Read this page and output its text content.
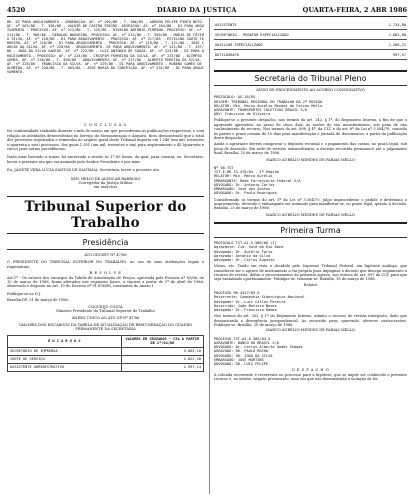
4520	DIÁRIO DA JUSTIÇA	QUARTA-FEIRA, 2 ABR 1986
RR. DI PARA ARQUIVAMENTO - ORDENAÇÃO: AF. nº 202/86 - T. 306/85 - ARRUDA FELIPE PINTO NETO. AF. nº 203/86 - T. 338/86 - VALDIR DE CASTRO FREIRE. DESPACHO: AF. nº 204/86 - DI PARA ARQUIVAMENTO - PROCESSO: AF. nº 213/86 - T. 325/86 - RIVALDO ANTONIO FIRMINO. PROCESSO: AF. nº 214/86 - T. 366/86 - GERALDO NOGUEIRA. PROCESSO: AF. nº 215/86 - T. 399/86 - MARIA DE FÁTIMA SILVA. AF. nº 216/86 - DI PARA ARQUIVAMENTO - PROCESSO: AF. nº 217/86 - ESTELINA SOUTO FERREIRA. AF. nº 218/86 - DI PARA ARQUIVAMENTO - PROCESSO: AF. nº 219/86 - T. 421/86 - JOSÉ CARLOS DA SILVA. AF. nº 220/86 - ARQUIVAMENTO. DI PARA ARQUIVAMENTO. AF. nº 221/86 - T. 437/86 - JOÃO DA SILVA SANTOS. AF. nº 222/86 - LUIZ ANTÔNIO DE SOUZA. AF. nº 223/86 - DI PARA ARQUIVAMENTO - PROCESSO: AF. nº 224/86 - CRISPIM FERREIRA DA SILVA. AF. nº 225/86 - OLÍMPIO GOMES. AF. nº 226/86 - T. 456/86 - ARQUIVAMENTO. AF. nº 227/86 - ALBERTO PEREIRA DA SILVA. AF. nº 228/86 - FRANCISCO DA SILVA. AF. nº 229/86 - DI PARA ARQUIVAMENTO - RUBENS GOMES DE ALMEIDA. AF. nº 230/86 - T. 463/86 - JOSÉ MARIA DA CONCEIÇÃO. AF. nº 231/86 - DI PARA ARQUIVAMENTO.
C O N C L U S Ã O
Na conformidade realizada durante o mês de março em que procederam as publicações respectivas, e com relação às atividades desenvolvidas no Serviço de Movimentação e Arquivo, ficou demonstrado que o total dos processos registrados e remetidos ao arquivo geral deste Tribunal importa em 1.346 (um mil, trezentos e quarenta e seis) processos, dos quais 1.301 (um mil, trezentos e um) para arquivamento e 45 (quarenta e cinco) para outras providências.
Nada mais havendo a tratar, foi encerrada a sessão às 17:00 horas, da qual, para constar, eu, Secretário, lavrei a presente ata que vai assinada pelo Senhor Presidente e por mim.
Eu, JANETE VERA LÚCIA SANTOS DE SANTANA, Secretária, lavrei a presente ata.
SEN. HELIO DE ALENCAR BARROSO
Corregedor da Justiça Militar
em exercício
Tribunal Superior do Trabalho
Presidência
ATO.GDGSET Nº 47/86
O PRESIDENTE DO TRIBUNAL SUPERIOR DO TRABALHO, no uso de suas atribuições legais e regimentais,
R E S O L V E
Art.1º - Os valores dos encargos da Tabela de Atualização de Preços, aprovada pela Portaria nº 83/86, de 10 de março de 1986, ficam alterados nas seguintes bases, a vigorar a partir de 1º de abril de 1986, observado o disposto no Art. 19 do Decreto nº 91.856/86, constantes do Anexo I.
Publique-se no D.J.
Brasília-DF, 31 de março de 1986.
COQUEIJO COSTA
Ministro Presidente do Tribunal Superior do Trabalho
ANEXO ÚNICO AO ATO GP-Nº 47/86
VALORES DOS ENCARGOS DA TABELA DE ATUALIZAÇÃO DE REMUNERAÇÃO DO QUADRO PERMANENTE DA SECRETARIA
E N C A R G O S	VALORES EM CRUZADOS - CZ$ A PARTIR DE 1º/04/86
SECRETÁRIO DE IMPRENSA	5.665,16
CHEFE DE SERVIÇO	2.822,38
ASSISTENTE ADMINISTRATIVO	1.997,14
ASSISTENTE	1.734,80
SECRETÁRIO - REDATOR ESPECIALIZADO	1.682,80
AUXILIAR ESPECIALIZADO	1.266,31
DATILÓGRAFO	997,57
Secretaria do Tribunal Pleno
AVISO DE PROCEDIMENTO AO ACORDO CONSIGNATIVO
PROTOCOLO: AG-18/85
ORIGEM: TRIBUNAL REGIONAL DO TRABALHO DA 2ª REGIÃO
RELATOR: Min. Marco Aurélio Mendes de Farias Mello
AGRAVANTE: TRANSPORTES COLETIVOS BRASIL S/A
ADV: Francisco de Oliveira
Publique-se o presente despacho, nos termos do art. 242, § 1º, do Regimento Interno, a fim de que o agravante apresente, no prazo de cinco dias, as razões do seu inconformismo, sob pena de não conhecimento do recurso. Nos termos do art. 898, § 4º, da CLT, e do art. 6º da Lei nº 5.584/70, concedo às partes o prazo comum de 10 dias para manifestação e juntada de documentos, a partir da publicação deste despacho.
Ainda o agravante deverá comprovar o depósito recursal e o pagamento das custas, no prazo legal, sob pena de deserção. Em sede de recurso extraordinário, a decisão recorrida permanece até o julgamento final. Brasília, 25 de março de 1986.
MARCO AURÉLIO MENDES DE FARIAS MELLO
Nº 00-TST
TST-E-RR 13.476/84 - 1ª Região
RELATOR: Min. Marco Aurélio
EMBARGANTE: Rede Ferroviária Federal S/A
ADVOGADO: Dr. Antonio Carlos
EMBARGADO: José dos Santos
ADVOGADO: Dr. Paulo Rodrigues
Considerando os termos do art. 5º da Lei nº 5.584/70, julgo improcedente o pedido e determino o arquivamento, devendo o embargante ser intimado para manifestar-se, no prazo legal, quanto à decisão. Brasília, 25 de março de 1986.
MARCO AURÉLIO MENDES DE FARIAS MELLO
Primeira Turma
PROTOCOLO TST-AI-5.586/86 (1)
Agravante: Cia. Vale do Rio Doce
Advogado: Dr. Aurélio Faria
Agravado: Antônio da Silva
Advogado: Dr. Carlos Augusto
Vistos, etc. Tendo em vista o decidido pelo Supremo Tribunal Federal, em hipótese análoga, que considerou ser o agravo de instrumento a via própria para impugnar a decisão que denega seguimento a recurso de revista, defiro o processamento do presente agravo, nos termos do art. 897 da CLT, para que seja examinado oportunamente. Publique-se. Intimem-se. Brasília, 18 de março de 1986.
Relator
PROCESSO RR-4427/85.5
Recorrente: Companhia Siderúrgica Nacional
Advogado: Dr. Luiz Carlos Pereira
Recorrido: João Batista Neves
Advogado: Dr. Francisco Ramos
Nos termos do art. 352, § 1º do Regimento Interno, admito o recurso de revista interposto, dado que demonstrada a divergência jurisprudencial. Ao recorrido para, querendo, oferecer contra-razões. Publique-se. Brasília, 20 de março de 1986.
MARCO AURÉLIO MENDES DE FARIAS MELLO
PROCESSO TST-AI-6.385/84.5
AGRAVANTE: BANCO DO BRASIL S/A
ADVOGADO: Dr. Carlos Alberto Gomes Chagas
AGRAVADO: DR. PAULO ROCHA
ADVOGADO: DR. JOÃO DA SILVA
EMBARGADO: JOSÉ MARTINS
ADVOGADO: DR. LUIZ FELIPE
D E S P A C H O
A colenda recorrente é recorrente no processo para a hipótese, que se impõe ser conhecido o presente recurso e, no mérito, negado provimento, uma vez que não demonstrada a violação de lei.
